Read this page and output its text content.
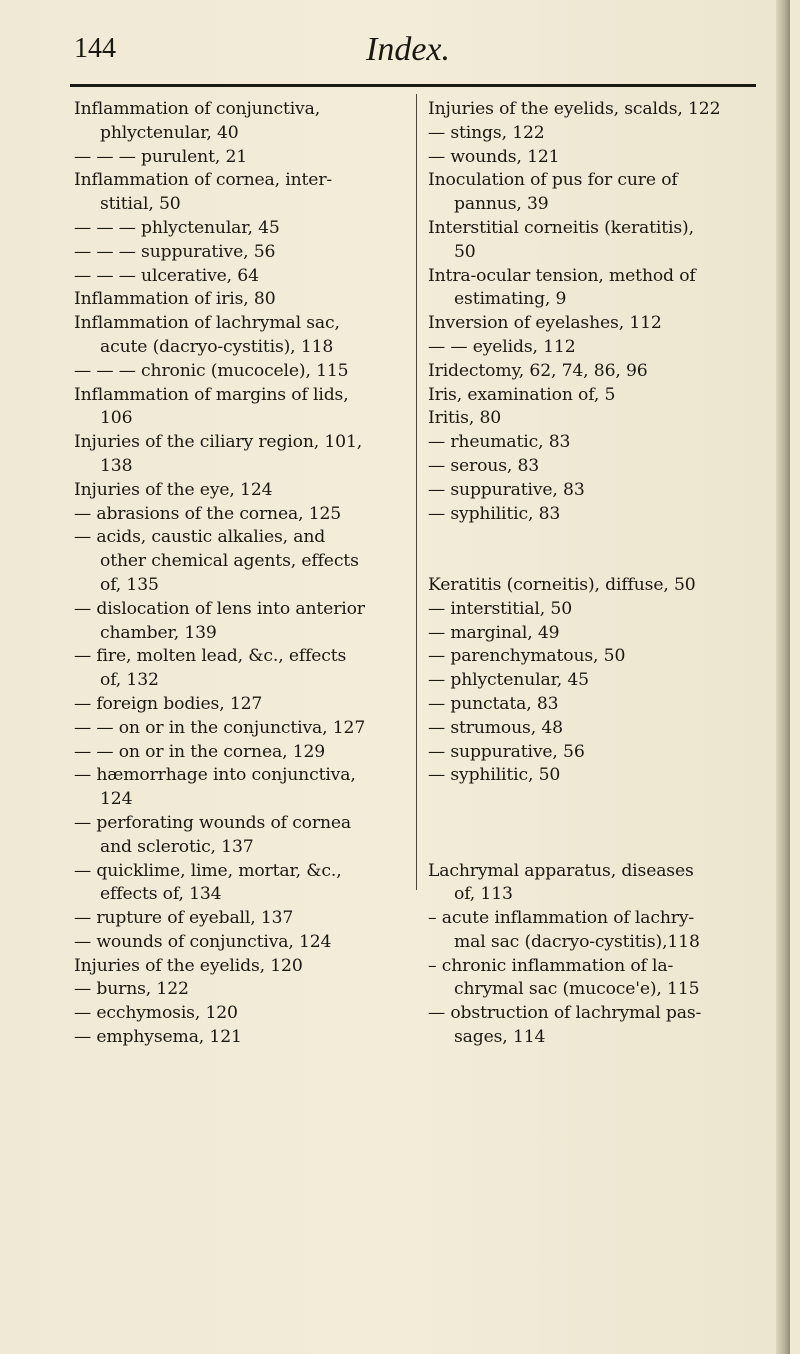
144	Index.
Inflammation of conjunctiva,
phlyctenular, 40
— — — purulent, 21
Inflammation of cornea, inter-
stitial, 50
— — — phlyctenular, 45
— — — suppurative, 56
— — — ulcerative, 64
Inflammation of iris, 80
Inflammation of lachrymal sac,
acute (dacryo-cystitis), 118
— — — chronic (mucocele), 115
Inflammation of margins of lids,
106
Injuries of the ciliary region, 101,
138
Injuries of the eye, 124
— abrasions of the cornea, 125
— acids, caustic alkalies, and
other chemical agents, effects
of, 135
— dislocation of lens into anterior
chamber, 139
— fire, molten lead, &c., effects
of, 132
— foreign bodies, 127
— — on or in the conjunctiva, 127
— — on or in the cornea, 129
— hæmorrhage into conjunctiva,
124
— perforating wounds of cornea
and sclerotic, 137
— quicklime, lime, mortar, &c.,
effects of, 134
— rupture of eyeball, 137
— wounds of conjunctiva, 124
Injuries of the eyelids, 120
— burns, 122
— ecchymosis, 120
— emphysema, 121
Injuries of the eyelids, scalds, 122
— stings, 122
— wounds, 121
Inoculation of pus for cure of
pannus, 39
Interstitial corneitis (keratitis),
50
Intra-ocular tension, method of
estimating, 9
Inversion of eyelashes, 112
— — eyelids, 112
Iridectomy, 62, 74, 86, 96
Iris, examination of, 5
Iritis, 80
— rheumatic, 83
— serous, 83
— suppurative, 83
— syphilitic, 83
Keratitis (corneitis), diffuse, 50
— interstitial, 50
— marginal, 49
— parenchymatous, 50
— phlyctenular, 45
— punctata, 83
— strumous, 48
— suppurative, 56
— syphilitic, 50
Lachrymal apparatus, diseases
of, 113
– acute inflammation of lachry-
mal sac (dacryo-cystitis),118
– chronic inflammation of la-
chrymal sac (mucoce'e), 115
— obstruction of lachrymal pas-
sages, 114
